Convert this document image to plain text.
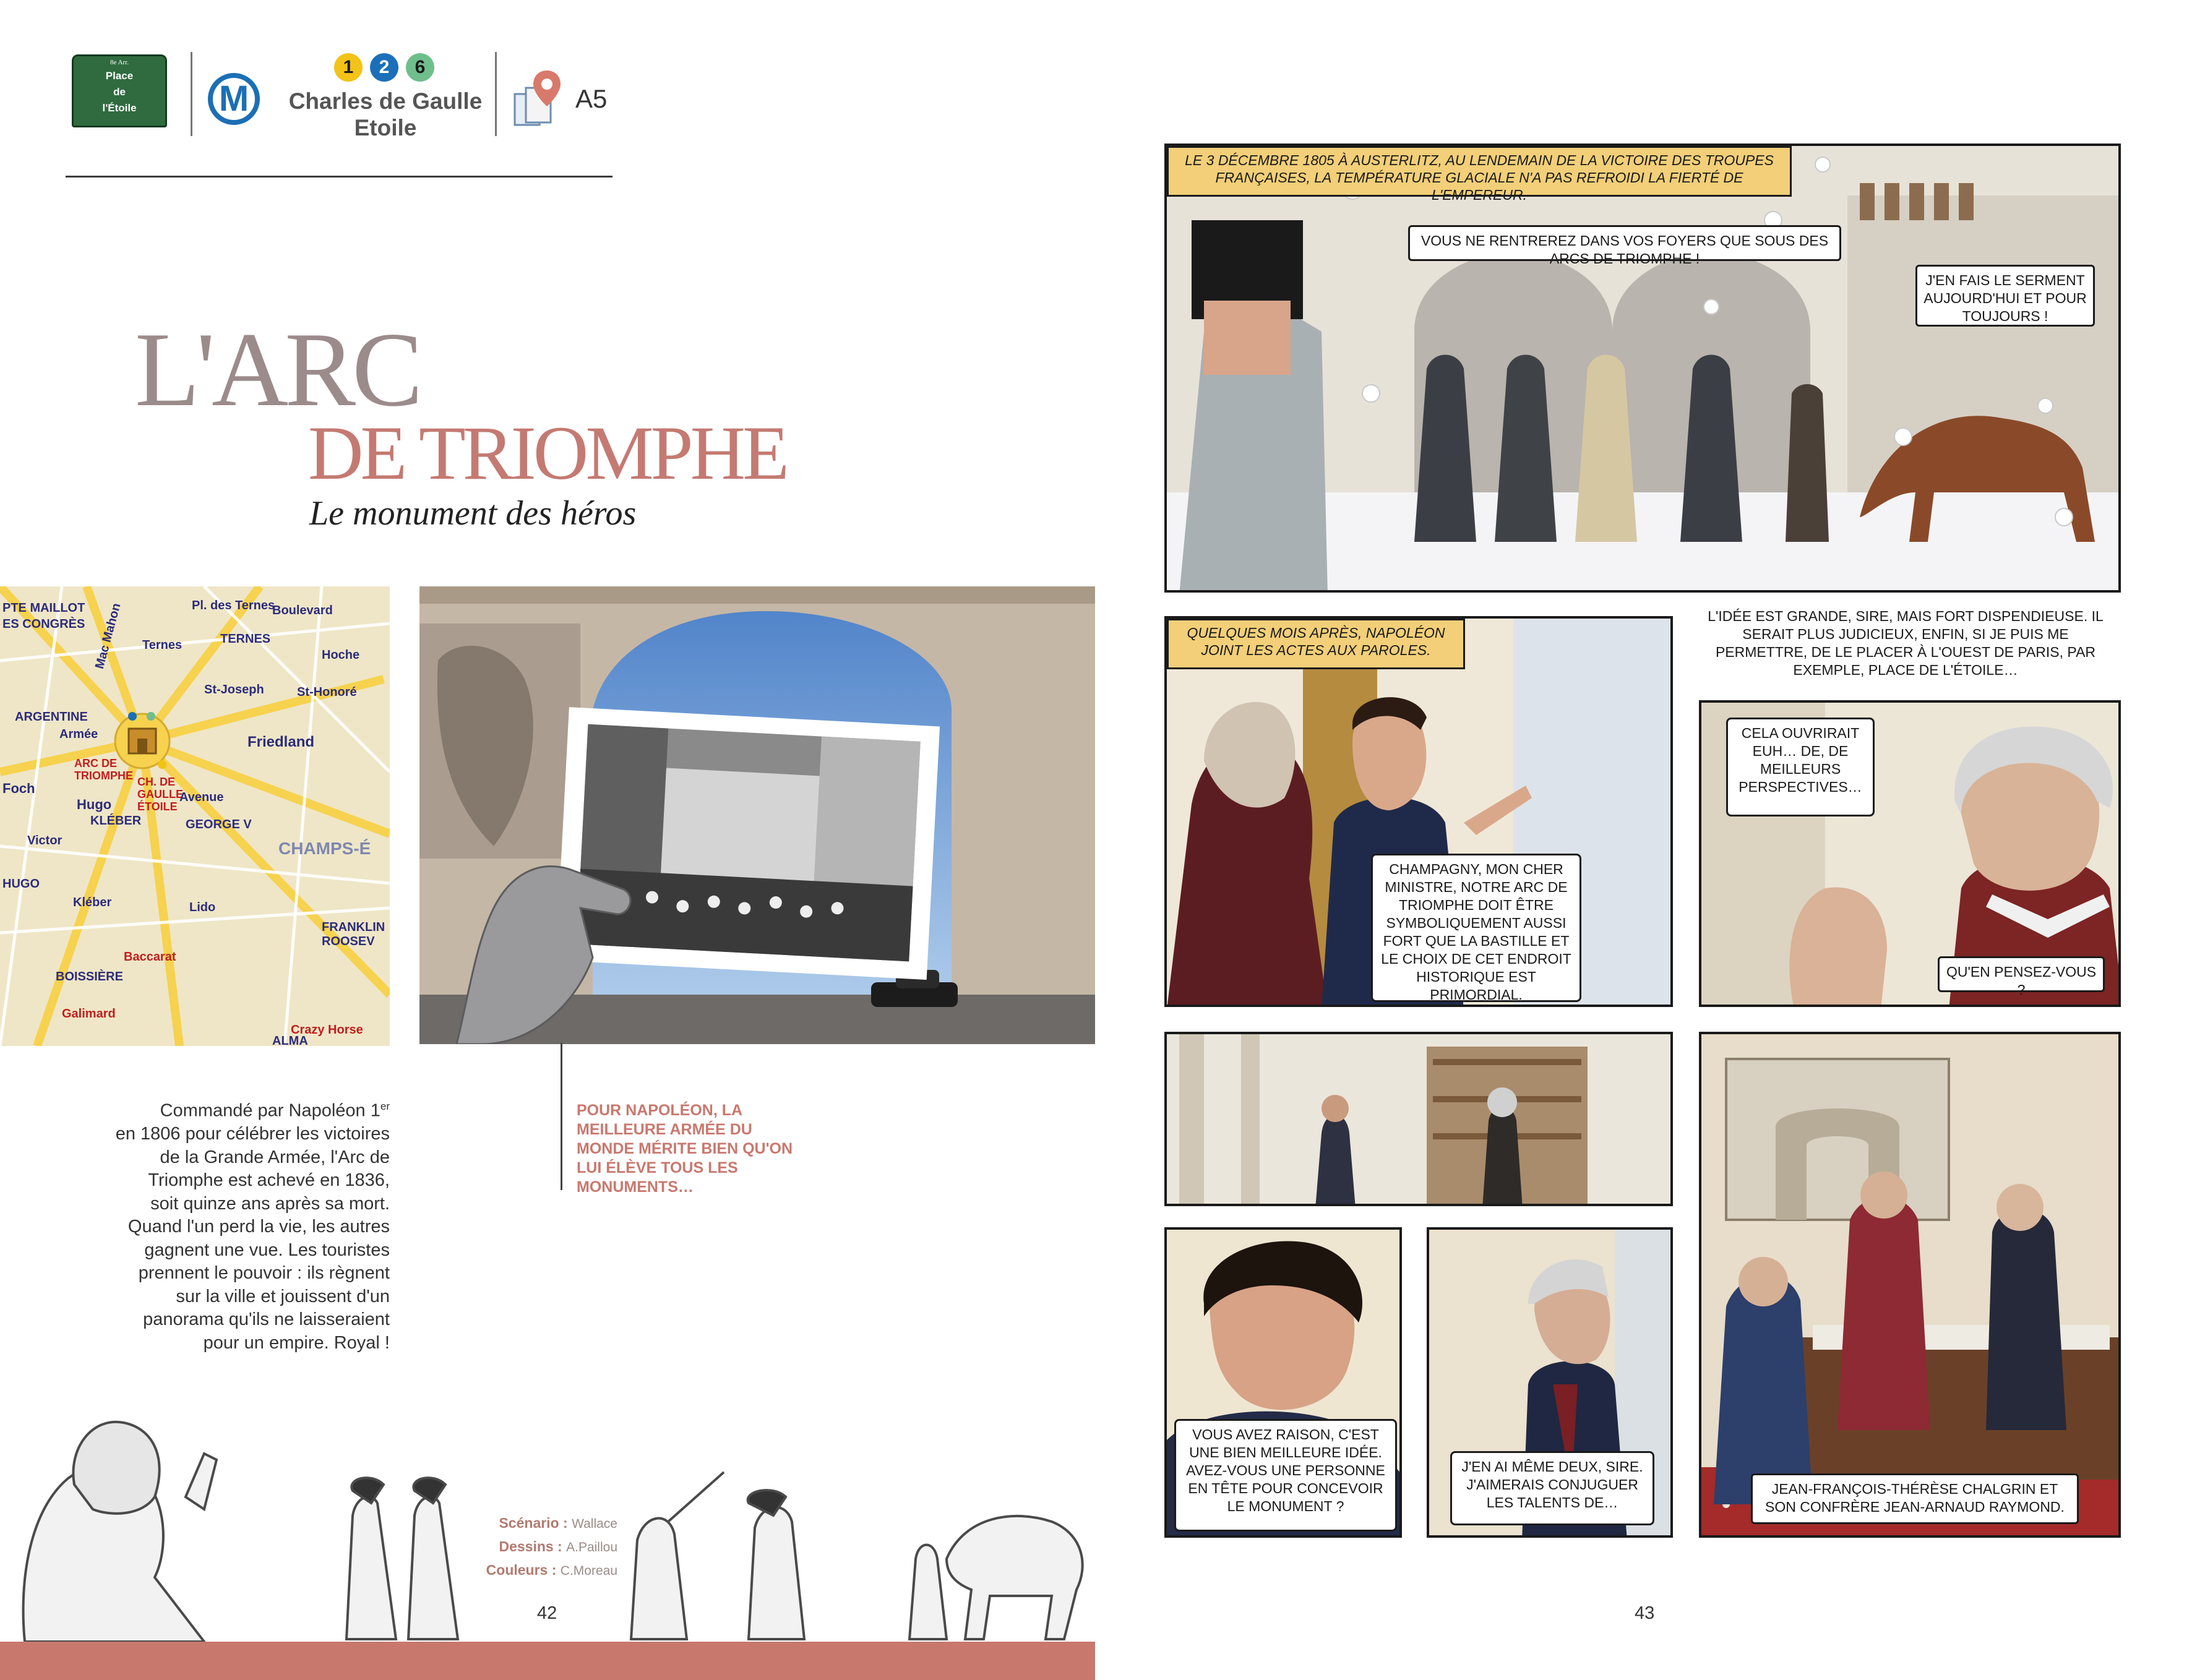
8e Arr.
Place
de
l'Étoile	M
1	2	6
Charles de Gaulle
Etoile
A5
L'ARC
DE TRIOMPHE
Le monument des héros
PTE MAILLOT
ES CONGRÈS
Ternes	TERNES
Pl. des Ternes
Boulevard
Mac Mahon
St-Joseph
Hoche
St-Honoré
ARGENTINE
Armée
ARC DE TRIOMPHE CH. DE GAULLE ÉTOILE
Friedland
Foch
Hugo
KLÉBER	GEORGE V
CHAMPS-É
Avenue
Victor
HUGO
Kléber
BOISSIÈRE
FRANKLIN ROOSEV
Baccarat
Galimard
Crazy Horse
Lido
ALMA
Commandé par Napoléon 1er
en 1806 pour célébrer les victoires
de la Grande Armée, l'Arc de
Triomphe est achevé en 1836,
soit quinze ans après sa mort.
Quand l'un perd la vie, les autres
gagnent une vue. Les touristes
prennent le pouvoir : ils règnent
sur la ville et jouissent d'un
panorama qu'ils ne laisseraient
pour un empire. Royal !
POUR NAPOLÉON, LA MEILLEURE ARMÉE DU MONDE MÉRITE BIEN QU'ON LUI ÉLÈVE TOUS LES MONUMENTS…
Scénario : Wallace
Dessins : A.Paillou
Couleurs : C.Moreau
42
LE 3 DÉCEMBRE 1805 À AUSTERLITZ, AU LENDEMAIN DE LA VICTOIRE DES TROUPES FRANÇAISES, LA TEMPÉRATURE GLACIALE N'A PAS REFROIDI LA FIERTÉ DE L'EMPEREUR.
VOUS NE RENTREREZ DANS VOS FOYERS QUE SOUS DES ARCS DE TRIOMPHE !
J'EN FAIS LE SERMENT AUJOURD'HUI ET POUR TOUJOURS !
QUELQUES MOIS APRÈS, NAPOLÉON JOINT LES ACTES AUX PAROLES.
CHAMPAGNY, MON CHER MINISTRE, NOTRE ARC DE TRIOMPHE DOIT ÊTRE SYMBOLIQUEMENT AUSSI FORT QUE LA BASTILLE ET LE CHOIX DE CET ENDROIT HISTORIQUE EST PRIMORDIAL.
L'IDÉE EST GRANDE, SIRE, MAIS FORT DISPENDIEUSE. IL SERAIT PLUS JUDICIEUX, ENFIN, SI JE PUIS ME PERMETTRE, DE LE PLACER À L'OUEST DE PARIS, PAR EXEMPLE, PLACE DE L'ÉTOILE…
CELA OUVRIRAIT EUH… DE, DE MEILLEURS PERSPECTIVES…
QU'EN PENSEZ-VOUS ?
VOUS AVEZ RAISON, C'EST UNE BIEN MEILLEURE IDÉE. AVEZ-VOUS UNE PERSONNE EN TÊTE POUR CONCEVOIR LE MONUMENT ?
J'EN AI MÊME DEUX, SIRE. J'AIMERAIS CONJUGUER LES TALENTS DE…
JEAN-FRANÇOIS-THÉRÈSE CHALGRIN ET SON CONFRÈRE JEAN-ARNAUD RAYMOND.
43
